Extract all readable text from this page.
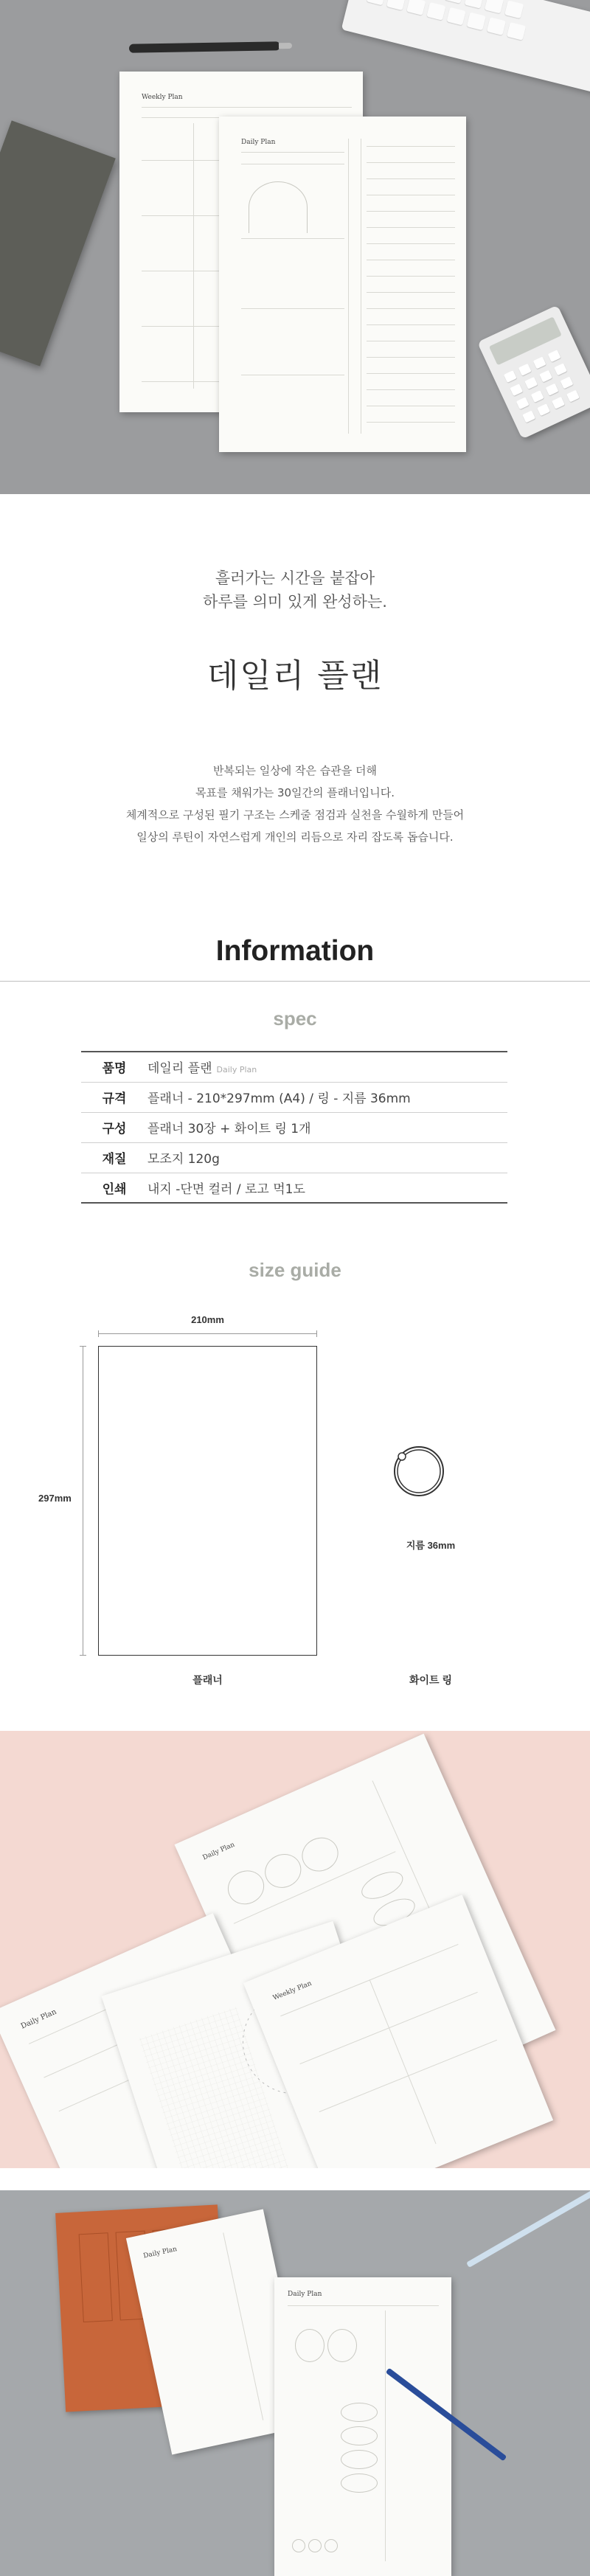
Weekly Plan
Daily Plan
흘러가는 시간을 붙잡아
하루를 의미 있게 완성하는.
데일리 플랜
반복되는 일상에 작은 습관을 더해
목표를 채워가는 30일간의 플래너입니다.
체계적으로 구성된 필기 구조는 스케줄 점검과 실천을 수월하게 만들어
일상의 루틴이 자연스럽게 개인의 리듬으로 자리 잡도록 돕습니다.
Information
spec
품명	데일리 플랜 Daily Plan
규격	플래너 - 210*297mm (A4) / 링 - 지름 36mm
구성	플래너 30장 + 화이트 링 1개
재질	모조지 120g
인쇄	내지 -단면 컬러 / 로고 먹1도
size guide
210mm
297mm
지름 36mm
플래너	화이트 링
Daily Plan
Daily Plan
Weekly Plan
Daily Plan
Daily Plan
